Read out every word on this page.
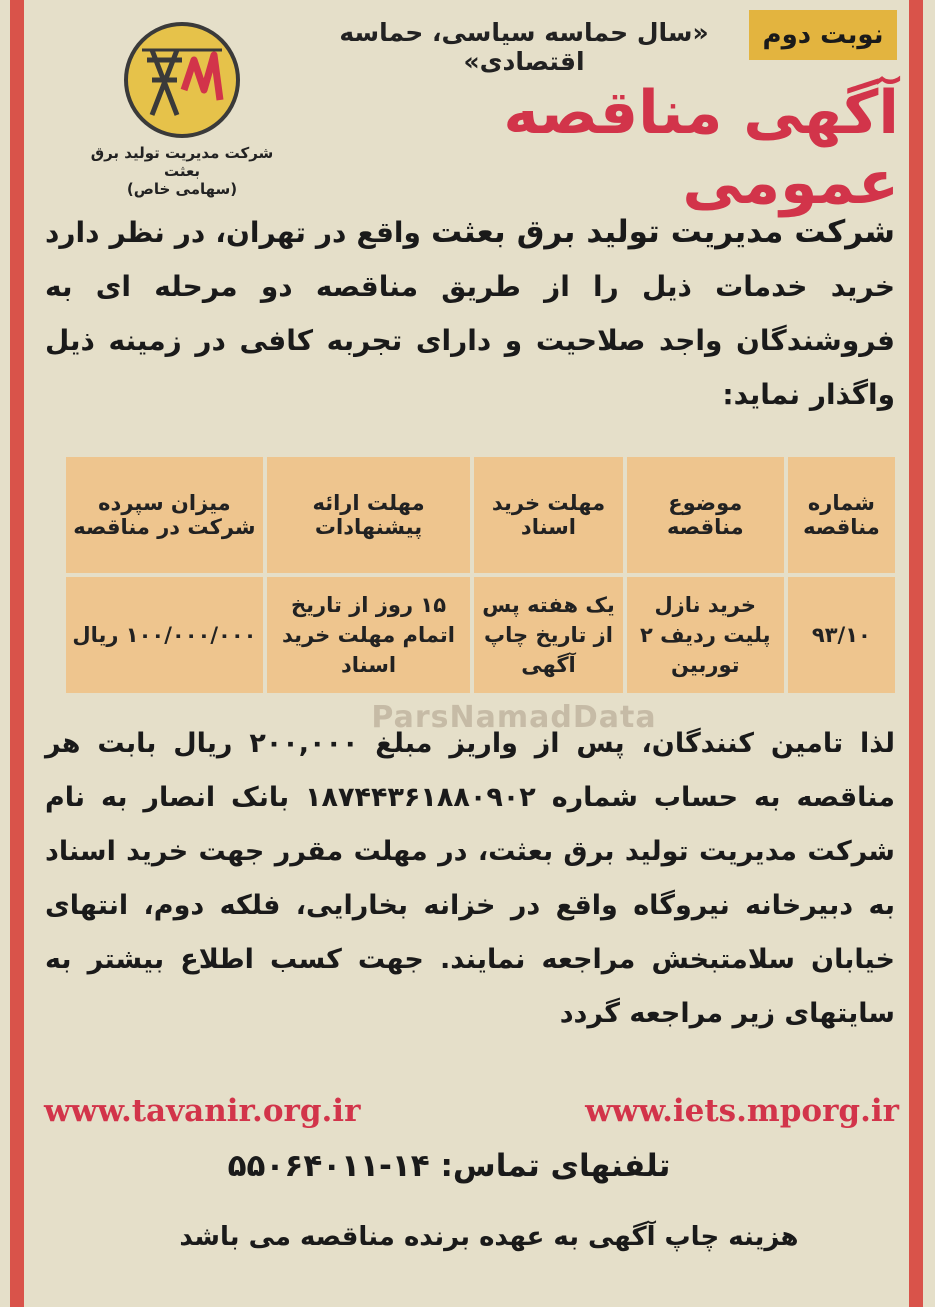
نوبت دوم
«سال حماسه سیاسی، حماسه اقتصادی»
آگهی مناقصه عمومی
شرکت مدیریت تولید برق بعثت
(سهامی خاص)
شرکت مدیریت تولید برق بعثت واقع در تهران، در نظر دارد خرید خدمات ذیل را از طریق مناقصه دو مرحله ای به فروشندگان واجد صلاحیت و دارای تجربه کافی در زمینه ذیل واگذار نماید:
شماره مناقصه	موضوع مناقصه	مهلت خرید اسناد	مهلت ارائه پیشنهادات	میزان سپرده شرکت در مناقصه
۹۳/۱۰	خرید نازل پلیت ردیف ۲ توربین	یک هفته پس از تاریخ چاپ آگهی	۱۵ روز از تاریخ اتمام مهلت خرید اسناد	۱۰۰/۰۰۰/۰۰۰ ریال
ParsNamadData
لذا تامین کنندگان، پس از واریز مبلغ ۲۰۰,۰۰۰ ریال بابت هر مناقصه به حساب شماره ۱۸۷۴۴۳۶۱۸۸۰۹۰۲ بانک انصار به نام شرکت مدیریت تولید برق بعثت، در مهلت مقرر جهت خرید اسناد به دبیرخانه نیروگاه واقع در خزانه بخارایی، فلکه دوم، انتهای خیابان سلامتبخش مراجعه نمایند. جهت کسب اطلاع بیشتر به سایتهای زیر مراجعه گردد
www.tavanir.org.ir	www.iets.mporg.ir
تلفنهای تماس: ۱۴-۵۵۰۶۴۰۱۱
هزینه چاپ آگهی به عهده برنده مناقصه می باشد
